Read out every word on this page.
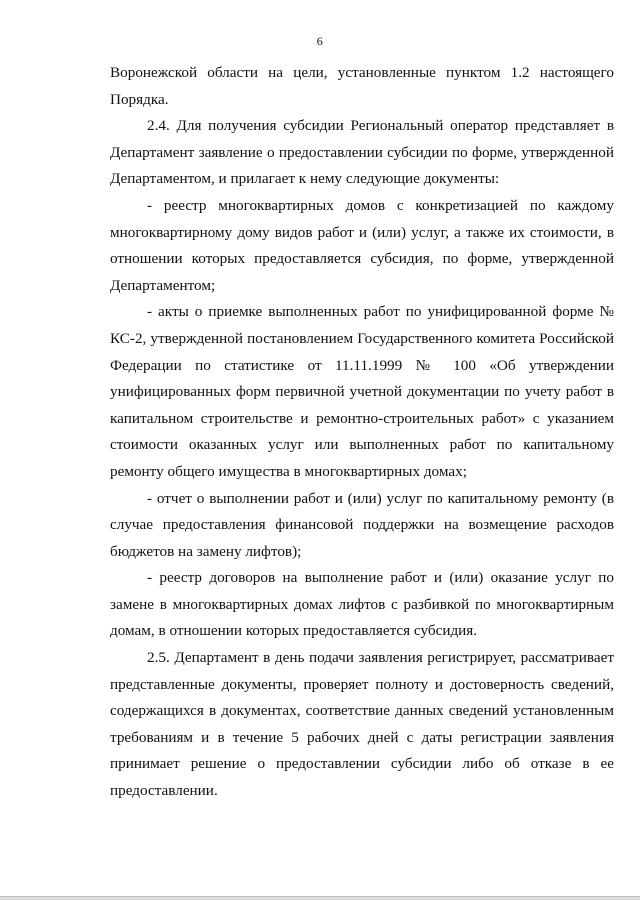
6
Воронежской области на цели, установленные пунктом 1.2 настоящего
Порядка.
2.4. Для получения субсидии Региональный оператор представляет в
Департамент заявление о предоставлении субсидии по форме, утвержденной
Департаментом, и прилагает к нему следующие документы:
- реестр многоквартирных домов с конкретизацией по каждому
многоквартирному дому видов работ и (или) услуг, а также их стоимости, в
отношении которых предоставляется субсидия, по форме, утвержденной
Департаментом;
- акты о приемке выполненных работ по унифицированной форме №
КС-2, утвержденной постановлением Государственного комитета Российской
Федерации по статистике от 11.11.1999 № 100 «Об утверждении
унифицированных форм первичной учетной документации по учету работ в
капитальном строительстве и ремонтно-строительных работ» с указанием
стоимости оказанных услуг или выполненных работ по капитальному
ремонту общего имущества в многоквартирных домах;
- отчет о выполнении работ и (или) услуг по капитальному ремонту (в
случае предоставления финансовой поддержки на возмещение расходов
бюджетов на замену лифтов);
- реестр договоров на выполнение работ и (или) оказание услуг по
замене в многоквартирных домах лифтов с разбивкой по многоквартирным
домам, в отношении которых предоставляется субсидия.
2.5. Департамент в день подачи заявления регистрирует, рассматривает
представленные документы, проверяет полноту и достоверность сведений,
содержащихся в документах, соответствие данных сведений установленным
требованиям и в течение 5 рабочих дней с даты регистрации заявления
принимает решение о предоставлении субсидии либо об отказе в ее
предоставлении.
